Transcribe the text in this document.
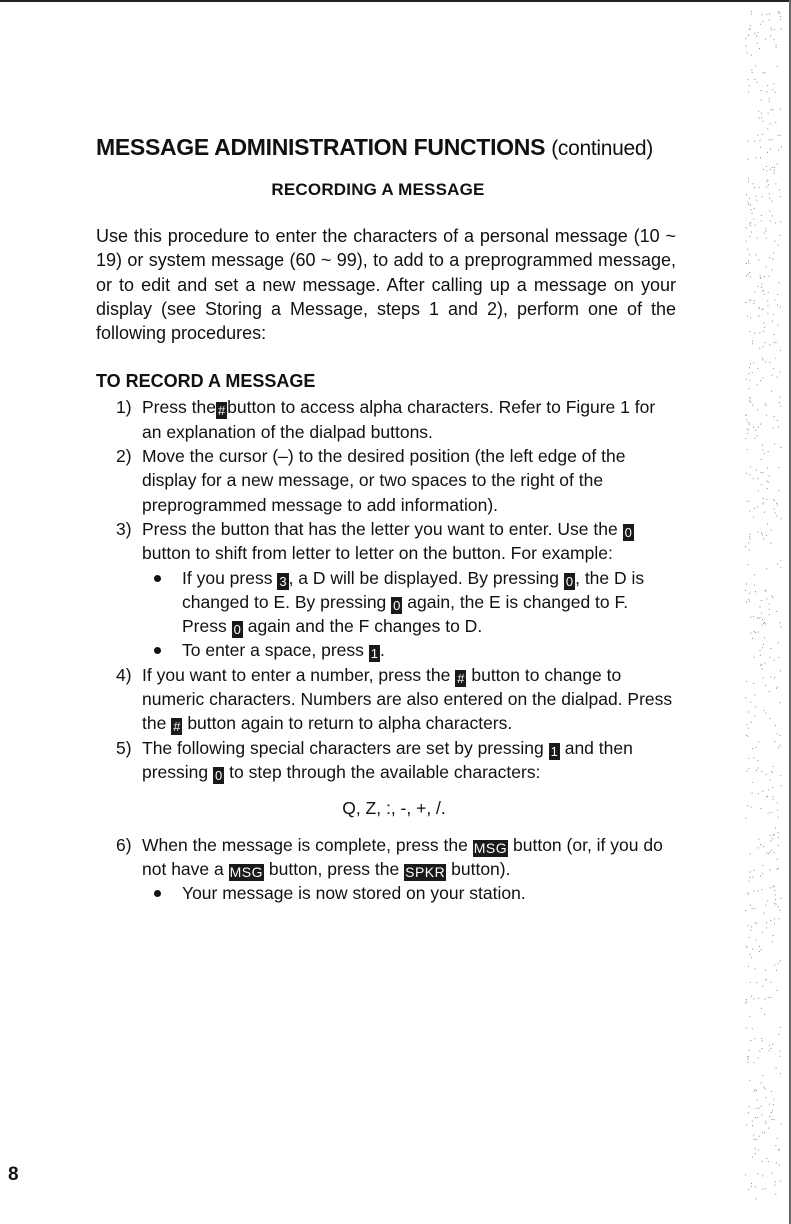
MESSAGE ADMINISTRATION FUNCTIONS (continued)
RECORDING A MESSAGE

Use this procedure to enter the characters of a personal message (10 ~ 19) or system message (60 ~ 99), to add to a preprogrammed message, or to edit and set a new message. After calling up a message on your display (see Storing a Message, steps 1 and 2), perform one of the following procedures:

TO RECORD A MESSAGE
1) Press the # button to access alpha characters. Refer to Figure 1 for an explanation of the dialpad buttons.
2) Move the cursor (–) to the desired position (the left edge of the display for a new message, or two spaces to the right of the preprogrammed message to add information).
3) Press the button that has the letter you want to enter. Use the 0button to shift from letter to letter on the button. For example:
If you press 3 , a D will be displayed. By pressing 0 , the D is changed to E. By pressing 0 again, the E is changed to F. Press 0 again and the F changes to D.
To enter a space, press 1 .
4) If you want to enter a number, press the # button to change to numeric characters. Numbers are also entered on the dialpad. Press the # button again to return to alpha characters.
5) The following special characters are set by pressing 1 and then pressing 0 to step through the available characters:
Q, Z, :, -, +, /.
6) When the message is complete, press the MSG button (or, if you do not have a MSG button, press the SPKR button).
Your message is now stored on your station.
8
